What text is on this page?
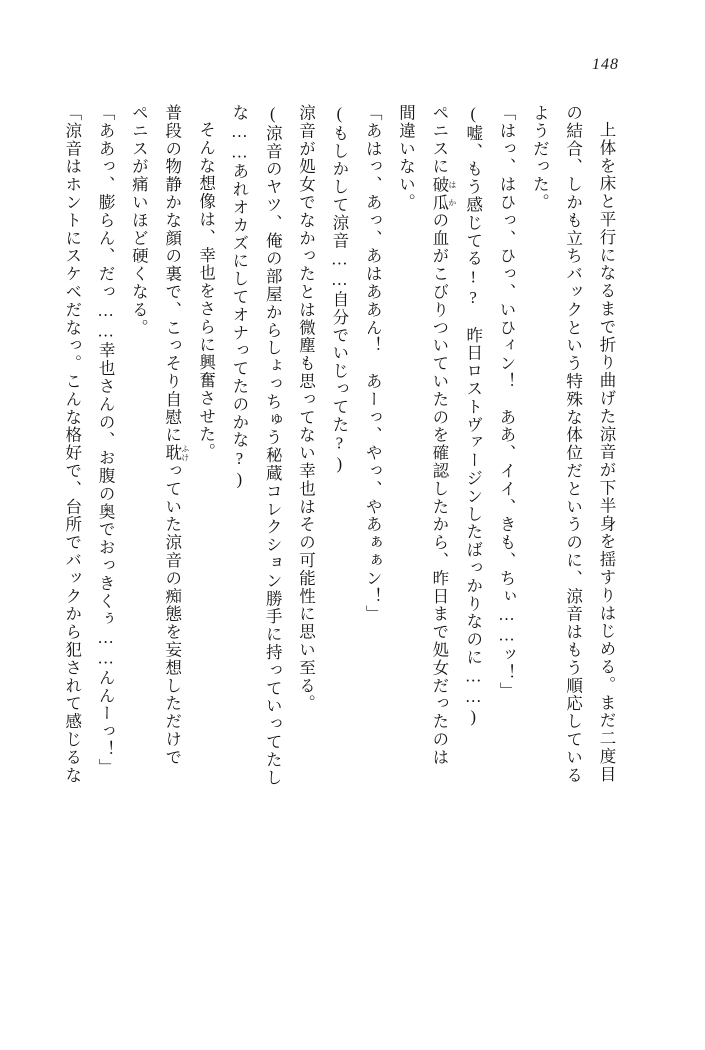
148

上体を床と平行になるまで折り曲げた涼音が下半身を揺すりはじめる。まだ二度目

の結合、しかも立ちバックという特殊な体位だというのに、涼音はもう順応している

ようだった。

「はっ、はひっ、ひっ、いひィン！　ああ、イイ、きも、ちぃ……ッ！」

(嘘、もう感じてる!?　昨日ロストヴァージンしたばっかりなのに……)

ペニスに破瓜 はかの血がこびりついていたのを確認したから、昨日まで処女だったのは

間違いない。

「あはっ、あっ、あはああん！　あーっ、やっ、やあぁぁン！」

(もしかして涼音……自分でいじってた?)

涼音が処女でなかったとは微塵も思ってない幸也はその可能性に思い至る。

(涼音のヤツ、俺の部屋からしょっちゅう秘蔵コレクション勝手に持っていってたし

な……あれオカズにしてオナってたのかな?)

そんな想像は、幸也をさらに興奮させた。

普段の物静かな顔の裏で、こっそり自慰に耽 ふけっていた涼音の痴態を妄想しただけで

ペニスが痛いほど硬くなる。

「ああっ、膨らん、だっ……幸也さんの、お腹の奥でおっきくぅ……んんーっ！」

「涼音はホントにスケベだなっ。こんな格好で、台所でバックから犯されて感じるな
